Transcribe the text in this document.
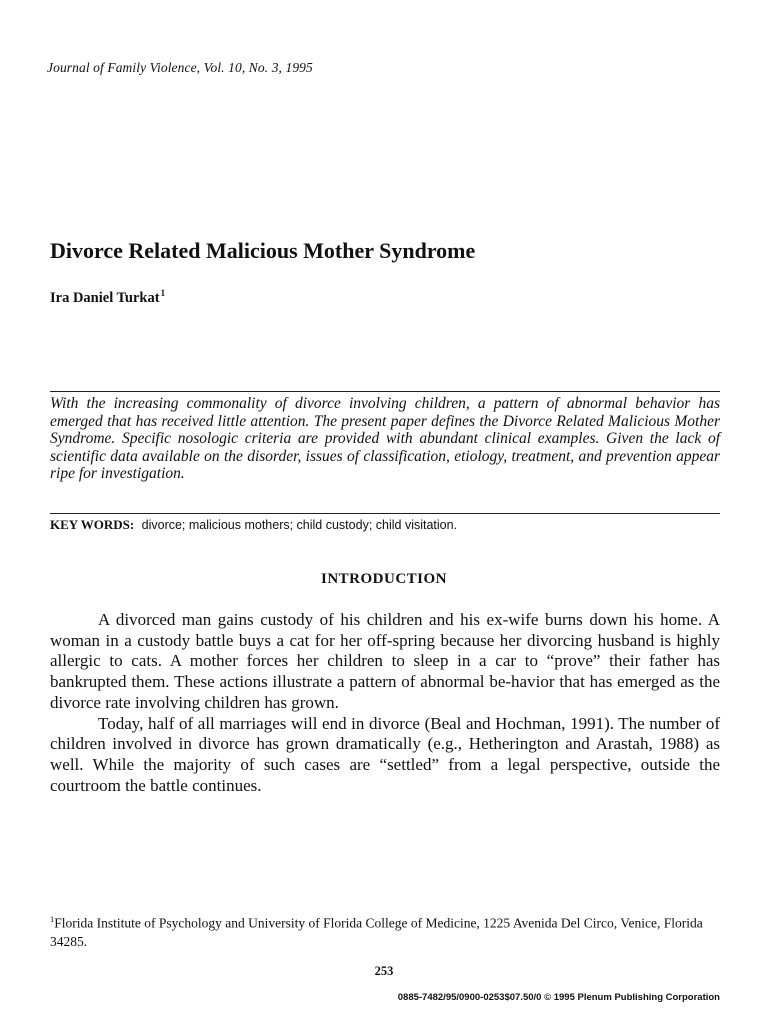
Journal of Family Violence, Vol. 10, No. 3, 1995
Divorce Related Malicious Mother Syndrome
Ira Daniel Turkat$^1$

With the increasing commonality of divorce involving children, a pattern of abnormal behavior has emerged that has received little attention. The present paper defines the Divorce Related Malicious Mother Syndrome. Specific nosologic criteria are provided with abundant clinical examples. Given the lack of scientific data available on the disorder, issues of classification, etiology, treatment, and prevention appear ripe for investigation.

KEY WORDS: divorce; malicious mothers; child custody; child visitation.
INTRODUCTION

A divorced man gains custody of his children and his ex-wife burns down his home. A woman in a custody battle buys a cat for her off-spring because her divorcing husband is highly allergic to cats. A mother forces her children to sleep in a car to “prove” their father has bankrupted them. These actions illustrate a pattern of abnormal be-havior that has emerged as the divorce rate involving children has grown.

Today, half of all marriages will end in divorce (Beal and Hochman, 1991). The number of children involved in divorce has grown dramatically (e.g., Hetherington and Arastah, 1988) as well. While the majority of such cases are “settled” from a legal perspective, outside the courtroom the battle continues.

$^1$Florida Institute of Psychology and University of Florida College of Medicine, 1225 Avenida Del Circo, Venice, Florida 34285.

253
0885-7482/95/0900-0253$07.50/0 © 1995 Plenum Publishing Corporation
